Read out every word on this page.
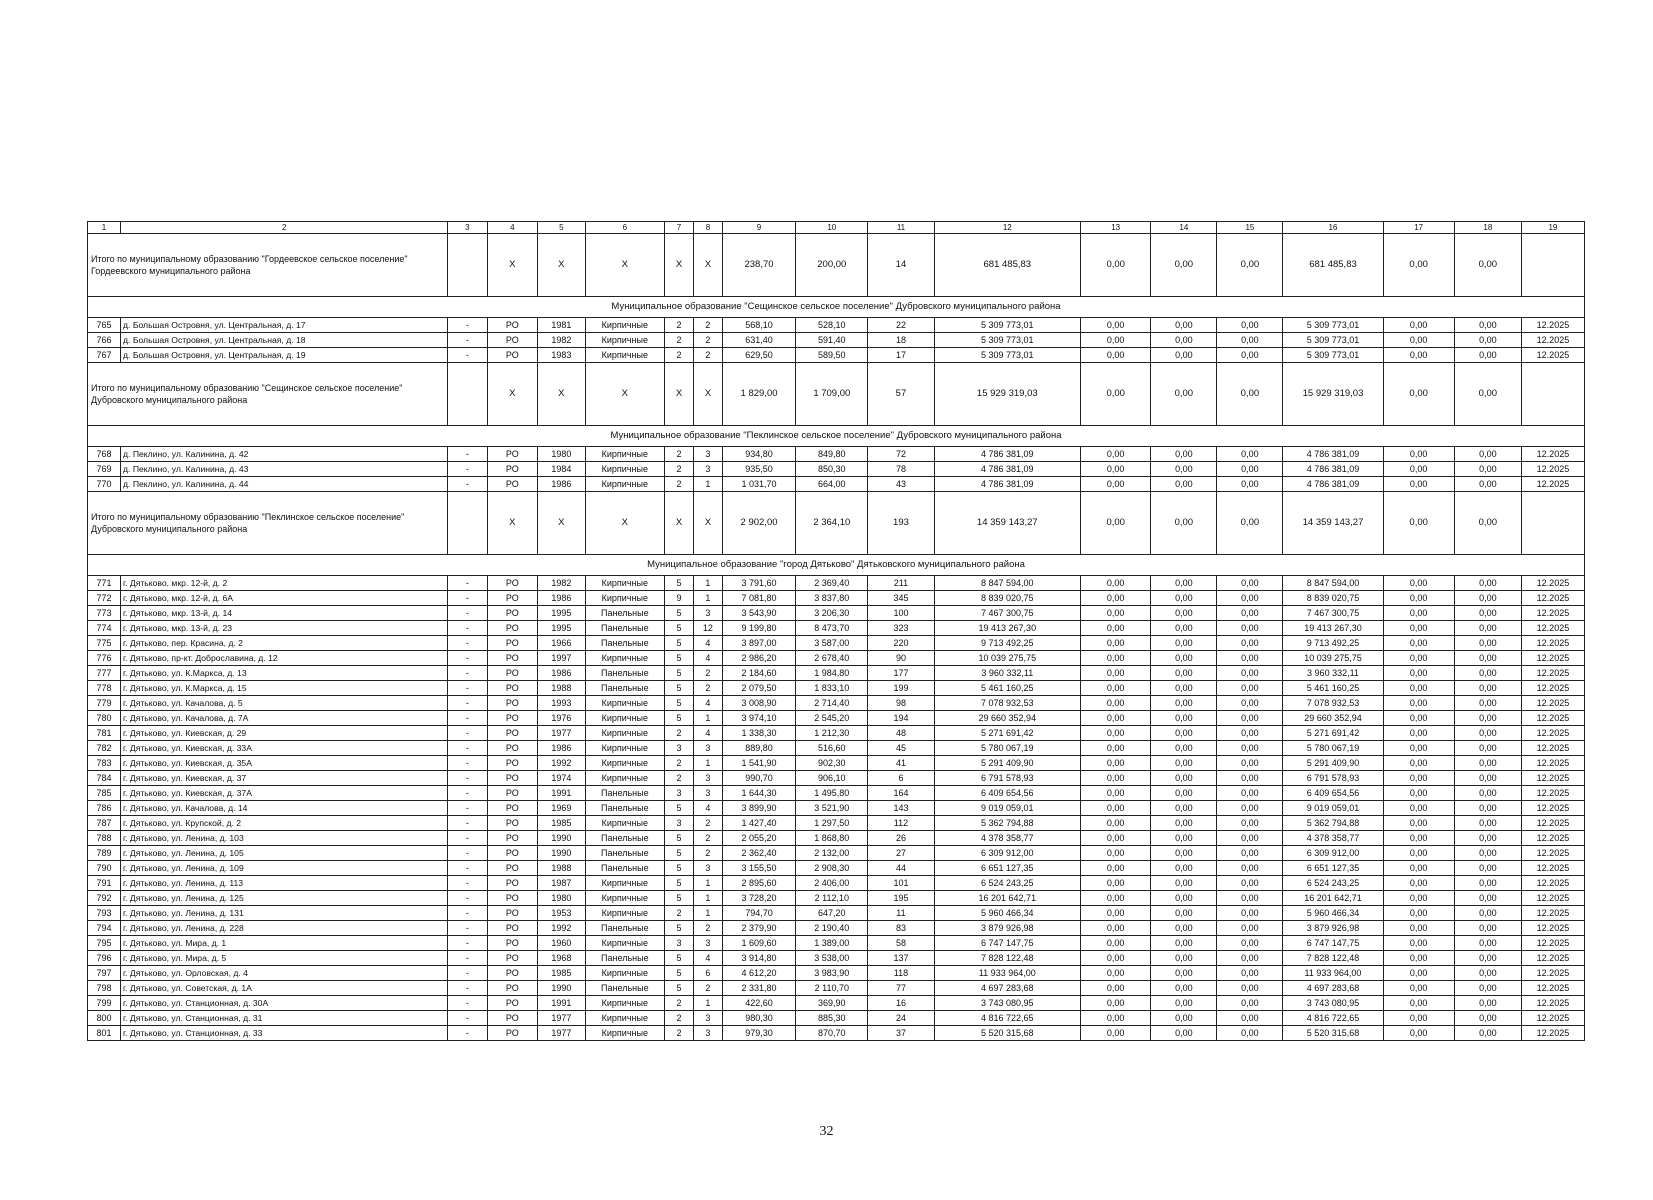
1	2	3	4	5	6	7	8	9	10	11	12	13	14	15	16	17	18	19
Итого по муниципальному образованию "Гордеевское сельское поселение" Гордеевского муниципального района			X	X	X	X	X	238,70	200,00	14	681 485,83	0,00	0,00	0,00	681 485,83	0,00	0,00	
Муниципальное образование "Сещинское сельское поселение" Дубровского муниципального района																		
765	д. Большая Островня, ул. Центральная, д. 17	-	РО	1981	Кирпичные	2	2	568,10	528,10	22	5 309 773,01	0,00	0,00	0,00	5 309 773,01	0,00	0,00	12.2025
766	д. Большая Островня, ул. Центральная, д. 18	-	РО	1982	Кирпичные	2	2	631,40	591,40	18	5 309 773,01	0,00	0,00	0,00	5 309 773,01	0,00	0,00	12.2025
767	д. Большая Островня, ул. Центральная, д. 19	-	РО	1983	Кирпичные	2	2	629,50	589,50	17	5 309 773,01	0,00	0,00	0,00	5 309 773,01	0,00	0,00	12.2025
Итого по муниципальному образованию "Сещинское сельское поселение" Дубровского муниципального района			X	X	X	X	X	1 829,00	1 709,00	57	15 929 319,03	0,00	0,00	0,00	15 929 319,03	0,00	0,00	
Муниципальное образование "Пеклинское сельское поселение" Дубровского муниципального района																		
768	д. Пеклино, ул. Калинина, д. 42	-	РО	1980	Кирпичные	2	3	934,80	849,80	72	4 786 381,09	0,00	0,00	0,00	4 786 381,09	0,00	0,00	12.2025
769	д. Пеклино, ул. Калинина, д. 43	-	РО	1984	Кирпичные	2	3	935,50	850,30	78	4 786 381,09	0,00	0,00	0,00	4 786 381,09	0,00	0,00	12.2025
770	д. Пеклино, ул. Калинина, д. 44	-	РО	1986	Кирпичные	2	1	1 031,70	664,00	43	4 786 381,09	0,00	0,00	0,00	4 786 381,09	0,00	0,00	12.2025
Итого по муниципальному образованию "Пеклинское сельское поселение" Дубровского муниципального района			X	X	X	X	X	2 902,00	2 364,10	193	14 359 143,27	0,00	0,00	0,00	14 359 143,27	0,00	0,00	
Муниципальное образование "город Дятьково" Дятьковского муниципального района																		
771	г. Дятьково, мкр. 12-й, д. 2	-	РО	1982	Кирпичные	5	1	3 791,60	2 369,40	211	8 847 594,00	0,00	0,00	0,00	8 847 594,00	0,00	0,00	12.2025
772	г. Дятьково, мкр. 12-й, д. 6А	-	РО	1986	Кирпичные	9	1	7 081,80	3 837,80	345	8 839 020,75	0,00	0,00	0,00	8 839 020,75	0,00	0,00	12.2025
773	г. Дятьково, мкр. 13-й, д. 14	-	РО	1995	Панельные	5	3	3 543,90	3 206,30	100	7 467 300,75	0,00	0,00	0,00	7 467 300,75	0,00	0,00	12.2025
774	г. Дятьково, мкр. 13-й, д. 23	-	РО	1995	Панельные	5	12	9 199,80	8 473,70	323	19 413 267,30	0,00	0,00	0,00	19 413 267,30	0,00	0,00	12.2025
775	г. Дятьково, пер. Красина, д. 2	-	РО	1966	Панельные	5	4	3 897,00	3 587,00	220	9 713 492,25	0,00	0,00	0,00	9 713 492,25	0,00	0,00	12.2025
776	г. Дятьково, пр-кт. Доброславина, д. 12	-	РО	1997	Кирпичные	5	4	2 986,20	2 678,40	90	10 039 275,75	0,00	0,00	0,00	10 039 275,75	0,00	0,00	12.2025
777	г. Дятьково, ул. К.Маркса, д. 13	-	РО	1986	Панельные	5	2	2 184,60	1 984,80	177	3 960 332,11	0,00	0,00	0,00	3 960 332,11	0,00	0,00	12.2025
778	г. Дятьково, ул. К.Маркса, д. 15	-	РО	1988	Панельные	5	2	2 079,50	1 833,10	199	5 461 160,25	0,00	0,00	0,00	5 461 160,25	0,00	0,00	12.2025
779	г. Дятьково, ул. Качалова, д. 5	-	РО	1993	Кирпичные	5	4	3 008,90	2 714,40	98	7 078 932,53	0,00	0,00	0,00	7 078 932,53	0,00	0,00	12.2025
780	г. Дятьково, ул. Качалова, д. 7А	-	РО	1976	Кирпичные	5	1	3 974,10	2 545,20	194	29 660 352,94	0,00	0,00	0,00	29 660 352,94	0,00	0,00	12.2025
781	г. Дятьково, ул. Киевская, д. 29	-	РО	1977	Кирпичные	2	4	1 338,30	1 212,30	48	5 271 691,42	0,00	0,00	0,00	5 271 691,42	0,00	0,00	12.2025
782	г. Дятьково, ул. Киевская, д. 33А	-	РО	1986	Кирпичные	3	3	889,80	516,60	45	5 780 067,19	0,00	0,00	0,00	5 780 067,19	0,00	0,00	12.2025
783	г. Дятьково, ул. Киевская, д. 35А	-	РО	1992	Кирпичные	2	1	1 541,90	902,30	41	5 291 409,90	0,00	0,00	0,00	5 291 409,90	0,00	0,00	12.2025
784	г. Дятьково, ул. Киевская, д. 37	-	РО	1974	Кирпичные	2	3	990,70	906,10	6	6 791 578,93	0,00	0,00	0,00	6 791 578,93	0,00	0,00	12.2025
785	г. Дятьково, ул. Киевская, д. 37А	-	РО	1991	Панельные	3	3	1 644,30	1 495,80	164	6 409 654,56	0,00	0,00	0,00	6 409 654,56	0,00	0,00	12.2025
786	г. Дятьково, ул. Качалова, д. 14	-	РО	1969	Панельные	5	4	3 899,90	3 521,90	143	9 019 059,01	0,00	0,00	0,00	9 019 059,01	0,00	0,00	12.2025
787	г. Дятьково, ул. Крупской, д. 2	-	РО	1985	Кирпичные	3	2	1 427,40	1 297,50	112	5 362 794,88	0,00	0,00	0,00	5 362 794,88	0,00	0,00	12.2025
788	г. Дятьково, ул. Ленина, д. 103	-	РО	1990	Панельные	5	2	2 055,20	1 868,80	26	4 378 358,77	0,00	0,00	0,00	4 378 358,77	0,00	0,00	12.2025
789	г. Дятьково, ул. Ленина, д. 105	-	РО	1990	Панельные	5	2	2 362,40	2 132,00	27	6 309 912,00	0,00	0,00	0,00	6 309 912,00	0,00	0,00	12.2025
790	г. Дятьково, ул. Ленина, д. 109	-	РО	1988	Панельные	5	3	3 155,50	2 908,30	44	6 651 127,35	0,00	0,00	0,00	6 651 127,35	0,00	0,00	12.2025
791	г. Дятьково, ул. Ленина, д. 113	-	РО	1987	Кирпичные	5	1	2 895,60	2 406,00	101	6 524 243,25	0,00	0,00	0,00	6 524 243,25	0,00	0,00	12.2025
792	г. Дятьково, ул. Ленина, д. 125	-	РО	1980	Кирпичные	5	1	3 728,20	2 112,10	195	16 201 642,71	0,00	0,00	0,00	16 201 642,71	0,00	0,00	12.2025
793	г. Дятьково, ул. Ленина, д. 131	-	РО	1953	Кирпичные	2	1	794,70	647,20	11	5 960 466,34	0,00	0,00	0,00	5 960 466,34	0,00	0,00	12.2025
794	г. Дятьково, ул. Ленина, д. 228	-	РО	1992	Панельные	5	2	2 379,90	2 190,40	83	3 879 926,98	0,00	0,00	0,00	3 879 926,98	0,00	0,00	12.2025
795	г. Дятьково, ул. Мира, д. 1	-	РО	1960	Кирпичные	3	3	1 609,60	1 389,00	58	6 747 147,75	0,00	0,00	0,00	6 747 147,75	0,00	0,00	12.2025
796	г. Дятьково, ул. Мира, д. 5	-	РО	1968	Панельные	5	4	3 914,80	3 538,00	137	7 828 122,48	0,00	0,00	0,00	7 828 122,48	0,00	0,00	12.2025
797	г. Дятьково, ул. Орловская, д. 4	-	РО	1985	Кирпичные	5	6	4 612,20	3 983,90	118	11 933 964,00	0,00	0,00	0,00	11 933 964,00	0,00	0,00	12.2025
798	г. Дятьково, ул. Советская, д. 1А	-	РО	1990	Панельные	5	2	2 331,80	2 110,70	77	4 697 283,68	0,00	0,00	0,00	4 697 283,68	0,00	0,00	12.2025
799	г. Дятьково, ул. Станционная, д. 30А	-	РО	1991	Кирпичные	2	1	422,60	369,90	16	3 743 080,95	0,00	0,00	0,00	3 743 080,95	0,00	0,00	12.2025
800	г. Дятьково, ул. Станционная, д. 31	-	РО	1977	Кирпичные	2	3	980,30	885,30	24	4 816 722,65	0,00	0,00	0,00	4 816 722,65	0,00	0,00	12.2025
801	г. Дятьково, ул. Станционная, д. 33	-	РО	1977	Кирпичные	2	3	979,30	870,70	37	5 520 315,68	0,00	0,00	0,00	5 520 315,68	0,00	0,00	12.2025
32
